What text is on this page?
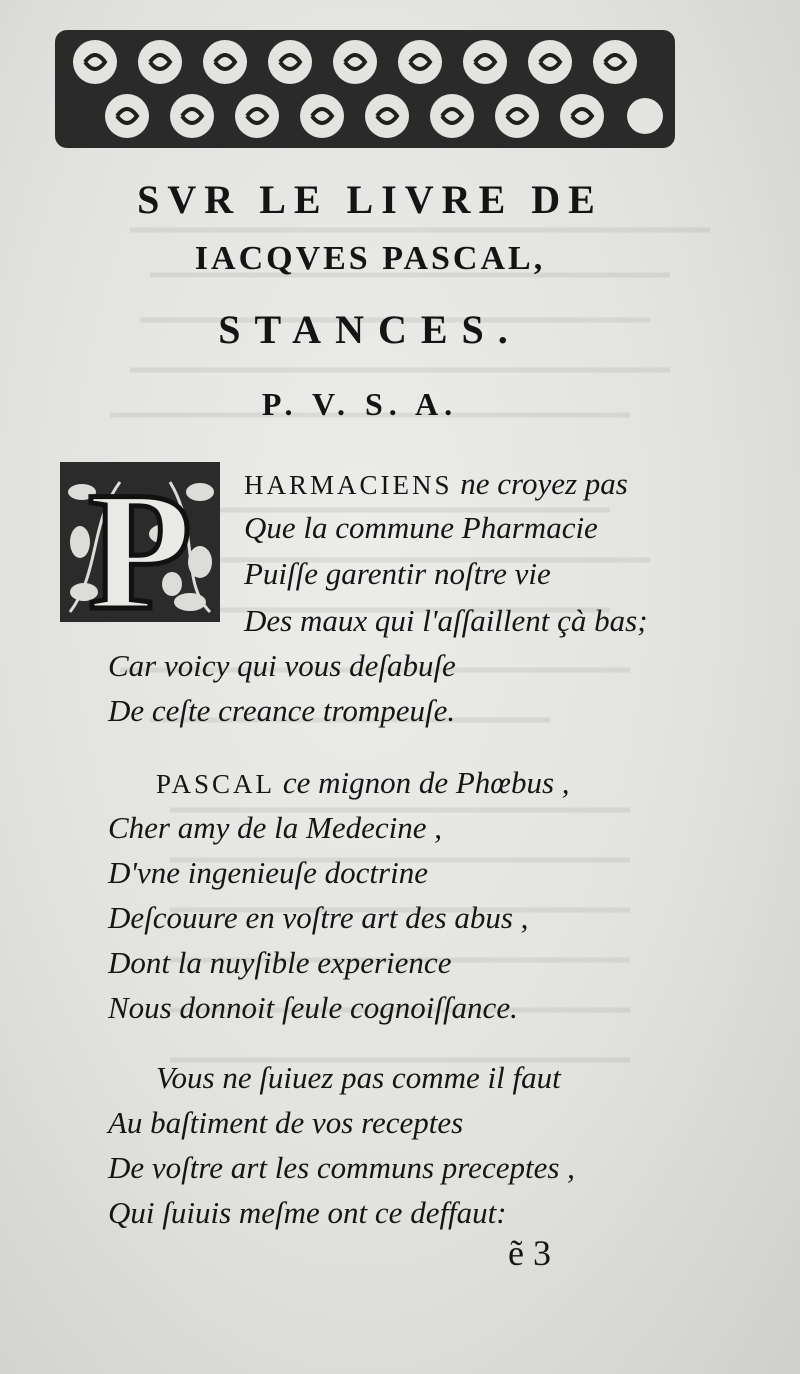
SVR LE LIVRE DE
IACQVES PASCAL,
STANCES.
P. V. S. A.
P HARMACIENS ne croyez pas
Que la commune Pharmacie
Puiſſe garentir noſtre vie
Des maux qui l'aſſaillent çà bas;
Car voicy qui vous deſabuſe
De ceſte creance trompeuſe.
PASCAL ce mignon de Phœbus ,
Cher amy de la Medecine ,
D'vne ingenieuſe doctrine
Deſcouure en voſtre art des abus ,
Dont la nuyſible experience
Nous donnoit ſeule cognoiſſance.
Vous ne ſuiuez pas comme il faut
Au baſtiment de vos receptes
De voſtre art les communs preceptes ,
Qui ſuiuis meſme ont ce deffaut:
ẽ 3
